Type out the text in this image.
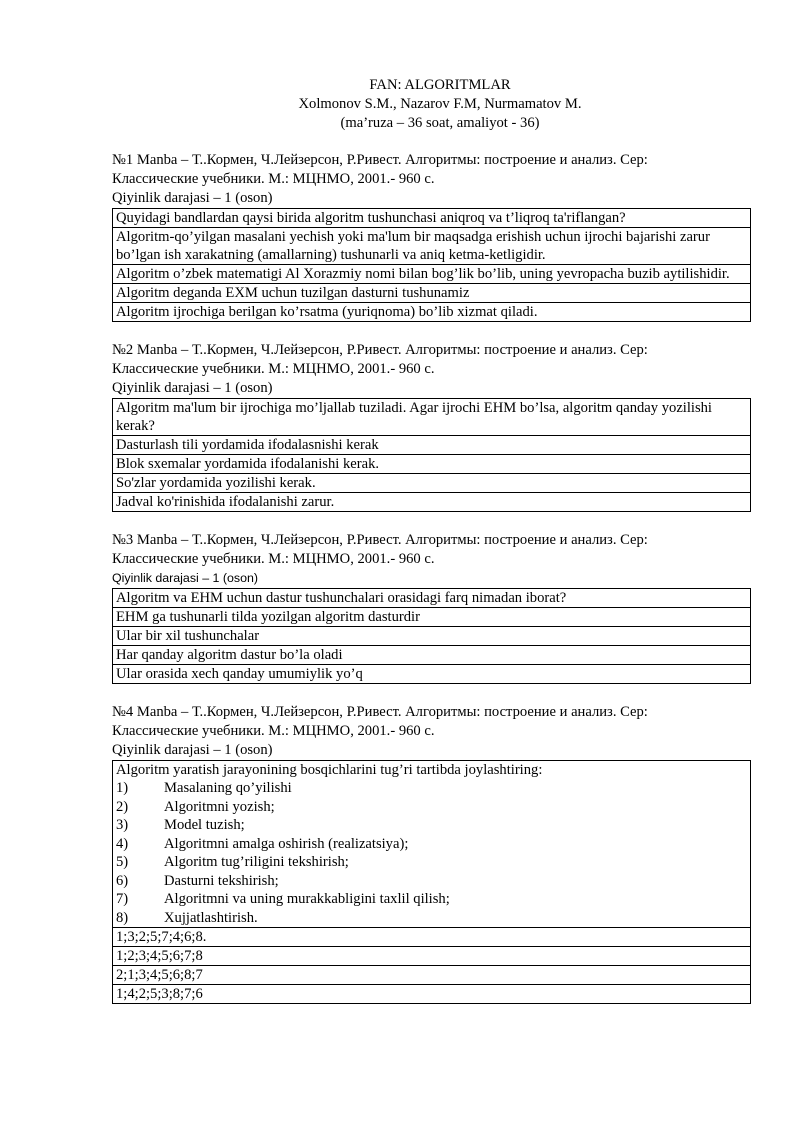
FAN: ALGORITMLAR
Xolmonov S.M., Nazarov F.M, Nurmamatov M.
(ma’ruza – 36 soat, amaliyot - 36)
№1 Manba – Т..Кормен, Ч.Лейзерсон, Р.Ривест. Алгоритмы: построение и анализ. Сер:
Классические учебники. М.: МЦНМО, 2001.- 960 с.
Qiyinlik darajasi – 1 (oson)
Quyidagi bandlardan qaysi birida algoritm tushunchasi aniqroq va t’liqroq ta'riflangan?
Algoritm-qo’yilgan masalani yechish yoki ma'lum bir maqsadga erishish uchun ijrochi bajarishi zarur bo’lgan ish xarakatning (amallarning) tushunarli va aniq ketma-ketligidir.
Algoritm o’zbek matematigi Al Xorazmiy nomi bilan bog’lik bo’lib, uning yevropacha buzib aytilishidir.
Algoritm deganda EXM uchun tuzilgan dasturni tushunamiz
Algoritm ijrochiga berilgan ko’rsatma (yuriqnoma) bo’lib xizmat qiladi.
№2 Manba – Т..Кормен, Ч.Лейзерсон, Р.Ривест. Алгоритмы: построение и анализ. Сер:
Классические учебники. М.: МЦНМО, 2001.- 960 с.
Qiyinlik darajasi – 1 (oson)
Algoritm ma'lum bir ijrochiga mo’ljallab tuziladi. Agar ijrochi EHM bo’lsa, algoritm qanday yozilishi kerak?
Dasturlash tili yordamida ifodalasnishi kerak
Blok sxemalar yordamida ifodalanishi kerak.
So'zlar yordamida yozilishi kerak.
Jadval ko'rinishida ifodalanishi zarur.
№3 Manba – Т..Кормен, Ч.Лейзерсон, Р.Ривест. Алгоритмы: построение и анализ. Сер:
Классические учебники. М.: МЦНМО, 2001.- 960 с.
Qiyinlik darajasi – 1 (oson)
Algoritm va EHM uchun dastur tushunchalari orasidagi farq nimadan iborat?
EHM ga tushunarli tilda yozilgan algoritm dasturdir
Ular bir xil tushunchalar
Har qanday algoritm dastur bo’la oladi
Ular orasida xech qanday umumiylik yo’q
№4 Manba – Т..Кормен, Ч.Лейзерсон, Р.Ривест. Алгоритмы: построение и анализ. Сер:
Классические учебники. М.: МЦНМО, 2001.- 960 с.
Qiyinlik darajasi – 1 (oson)
Algoritm yaratish jarayonining bosqichlarini tug’ri tartibda joylashtiring:
1)	Masalaning qo’yilishi
2)	Algoritmni yozish;
3)	Model tuzish;
4)	Algoritmni amalga oshirish (realizatsiya);
5)	Algoritm tug’riligini tekshirish;
6)	Dasturni tekshirish;
7)	Algoritmni va uning murakkabligini taxlil qilish;
8)	Xujjatlashtirish.

1;3;2;5;7;4;6;8.
1;2;3;4;5;6;7;8
2;1;3;4;5;6;8;7
1;4;2;5;3;8;7;6
